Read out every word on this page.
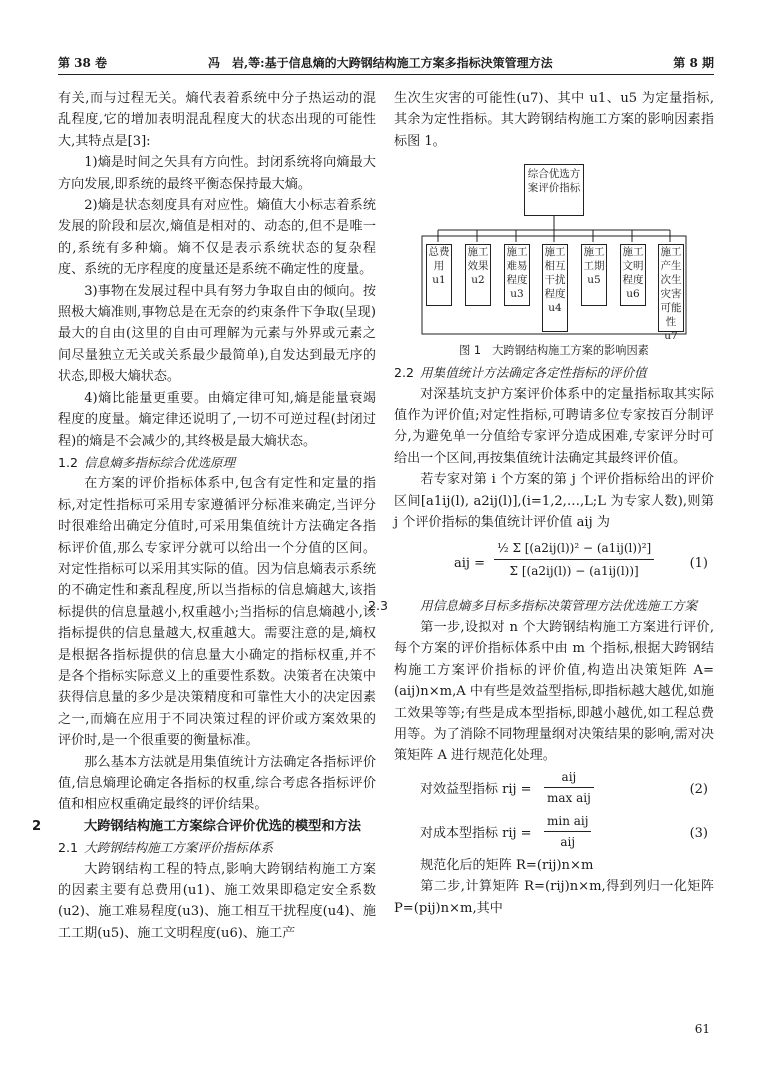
第 38 卷	冯　岩,等:基于信息熵的大跨钢结构施工方案多指标決策管理方法	第 8 期

有关,而与过程无关。熵代表着系统中分子热运动的混乱程度,它的增加表明混乱程度大的状态出现的可能性大,其特点是[3]:

1)熵是时间之矢具有方向性。封闭系统将向熵最大方向发展,即系统的最终平衡态保持最大熵。

2)熵是状态刻度具有对应性。熵值大小标志着系统发展的阶段和层次,熵值是相对的、动态的,但不是唯一的,系统有多种熵。熵不仅是表示系统状态的复杂程度、系统的无序程度的度量还是系统不确定性的度量。

3)事物在发展过程中具有努力争取自由的倾向。按照极大熵准则,事物总是在无奈的约束条件下争取(呈现)最大的自由(这里的自由可理解为元素与外界或元素之间尽量独立无关或关系最少最简单),自发达到最无序的状态,即极大熵状态。

4)熵比能量更重要。由熵定律可知,熵是能量衰竭程度的度量。熵定律还说明了,一切不可逆过程(封闭过程)的熵是不会减少的,其终极是最大熵状态。

1.2 信息熵多指标综合优选原理

在方案的评价指标体系中,包含有定性和定量的指标,对定性指标可采用专家遵循评分标准来确定,当评分时很难给出确定分值时,可采用集值统计方法确定各指标评价值,那么专家评分就可以给出一个分值的区间。对定性指标可以采用其实际的值。因为信息熵表示系统的不确定性和紊乱程度,所以当指标的信息熵越大,该指标提供的信息量越小,权重越小;当指标的信息熵越小,该指标提供的信息量越大,权重越大。需要注意的是,熵权是根据各指标提供的信息量大小确定的指标权重,并不是各个指标实际意义上的重要性系数。决策者在决策中获得信息量的多少是决策精度和可靠性大小的决定因素之一,而熵在应用于不同决策过程的评价或方案效果的评价时,是一个很重要的衡量标准。

那么基本方法就是用集值统计方法确定各指标评价值,信息熵理论确定各指标的权重,综合考虑各指标评价值和相应权重确定最终的评价结果。

2	大跨钢结构施工方案综合评价优选的模型和方法
2.1 大跨钢结构施工方案评价指标体系

大跨钢结构工程的特点,影响大跨钢结构施工方案的因素主要有总费用(u1)、施工效果即稳定安全系数(u2)、施工难易程度(u3)、施工相互干扰程度(u4)、施工工期(u5)、施工文明程度(u6)、施工产

生次生灾害的可能性(u7)、其中 u1、u5 为定量指标,其余为定性指标。其大跨钢结构施工方案的影响因素指标图 1。

综合优选方案评价指标
总费用 u1
施工效果 u2
施工难易程度 u3
施工相互干扰程度 u4
施工工期 u5
施工文明程度 u6
施工产生次生灾害可能性 u7
图 1　大跨钢结构施工方案的影响因素
2.2 用集值统计方法确定各定性指标的评价值

对深基坑支护方案评价体系中的定量指标取其实际值作为评价值;对定性指标,可聘请多位专家按百分制评分,为避免单一分值给专家评分造成困难,专家评分时可给出一个区间,再按集值统计法确定其最终评价值。

若专家对第 i 个方案的第 j 个评价指标给出的评价区间[a1ij(l), a2ij(l)],(i=1,2,…,L;L 为专家人数),则第 j 个评价指标的集值统计评价值 aij 为

aij = $\frac{\text{½ Σ [(a2ij(l))² − (a1ij(l))²]}}{\Sigma [(a2ij(l)) - (a1ij(l))]}$	(1)
2.3	用信息熵多目标多指标决策管理方法优选施工方案

第一步,设拟对 n 个大跨钢结构施工方案进行评价,每个方案的评价指标体系中由 m 个指标,根据大跨钢结构施工方案评价指标的评价值,构造出决策矩阵 A=(aij)n×m,A 中有些是效益型指标,即指标越大越优,如施工效果等等;有些是成本型指标,即越小越优,如工程总费用等。为了消除不同物理量纲对决策结果的影响,需对决策矩阵 A 进行规范化处理。

对效益型指标 rij =
aij
max aij
(2)
对成本型指标 rij =
min aij
aij
(3)

规范化后的矩阵 R=(rij)n×m

第二步,计算矩阵 R=(rij)n×m,得到列归一化矩阵 P=(pij)n×m,其中

61
